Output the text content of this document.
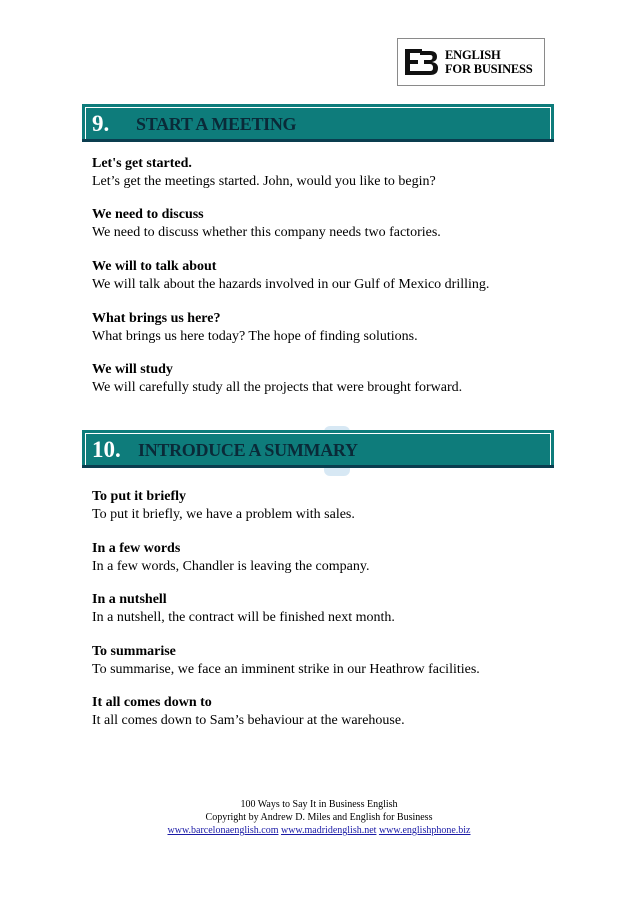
ENGLISH
FOR BUSINESS
9. START A MEETING
Let's get started.
Let’s get the meetings started. John, would you like to begin?
We need to discuss
We need to discuss whether this company needs two factories.
We will to talk about
We will talk about the hazards involved in our Gulf of Mexico drilling.
What brings us here?
What brings us here today? The hope of finding solutions.
We will study
We will carefully study all the projects that were brought forward.
10. INTRODUCE A SUMMARY
To put it briefly
To put it briefly, we have a problem with sales.
In a few words
In a few words, Chandler is leaving the company.
In a nutshell
In a nutshell, the contract will be finished next month.
To summarise
To summarise, we face an imminent strike in our Heathrow facilities.
It all comes down to
It all comes down to Sam’s behaviour at the warehouse.
100 Ways to Say It in Business English
Copyright by Andrew D. Miles and English for Business
www.barcelonaenglish.com www.madridenglish.net www.englishphone.biz
